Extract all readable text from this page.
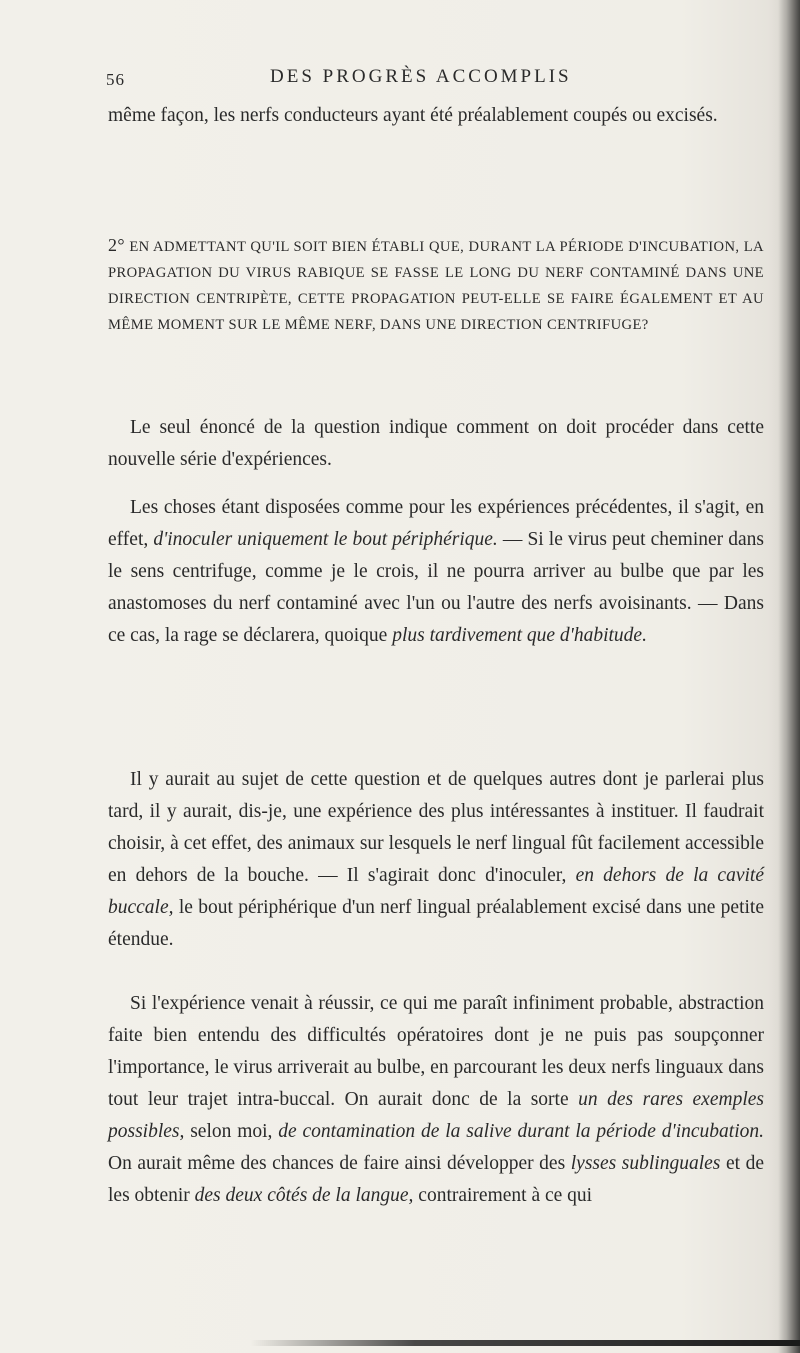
56	DES PROGRÈS ACCOMPLIS

même façon, les nerfs conducteurs ayant été préalablement coupés ou excisés.

2° EN ADMETTANT QU'IL SOIT BIEN ÉTABLI QUE, DURANT LA PÉRIODE D'INCUBATION, LA PROPAGATION DU VIRUS RABIQUE SE FASSE LE LONG DU NERF CONTAMINÉ DANS UNE DIRECTION CENTRIPÈTE, CETTE PROPAGATION PEUT-ELLE SE FAIRE ÉGALEMENT ET AU MÊME MOMENT SUR LE MÊME NERF, DANS UNE DIRECTION CENTRIFUGE?

Le seul énoncé de la question indique comment on doit procéder dans cette nouvelle série d'expériences.

Les choses étant disposées comme pour les expériences précédentes, il s'agit, en effet, d'inoculer uniquement le bout périphérique. — Si le virus peut cheminer dans le sens centrifuge, comme je le crois, il ne pourra arriver au bulbe que par les anastomoses du nerf contaminé avec l'un ou l'autre des nerfs avoisinants. — Dans ce cas, la rage se déclarera, quoique plus tardivement que d'habitude.

Il y aurait au sujet de cette question et de quelques autres dont je parlerai plus tard, il y aurait, dis-je, une expérience des plus intéressantes à instituer. Il faudrait choisir, à cet effet, des animaux sur lesquels le nerf lingual fût facilement accessible en dehors de la bouche. — Il s'agirait donc d'inoculer, en dehors de la cavité buccale, le bout périphérique d'un nerf lingual préalablement excisé dans une petite étendue.

Si l'expérience venait à réussir, ce qui me paraît infiniment probable, abstraction faite bien entendu des difficultés opératoires dont je ne puis pas soupçonner l'importance, le virus arriverait au bulbe, en parcourant les deux nerfs linguaux dans tout leur trajet intra-buccal. On aurait donc de la sorte un des rares exemples possibles, selon moi, de contamination de la salive durant la période d'incubation. On aurait même des chances de faire ainsi développer des lysses sublinguales et de les obtenir des deux côtés de la langue, contrairement à ce qui
